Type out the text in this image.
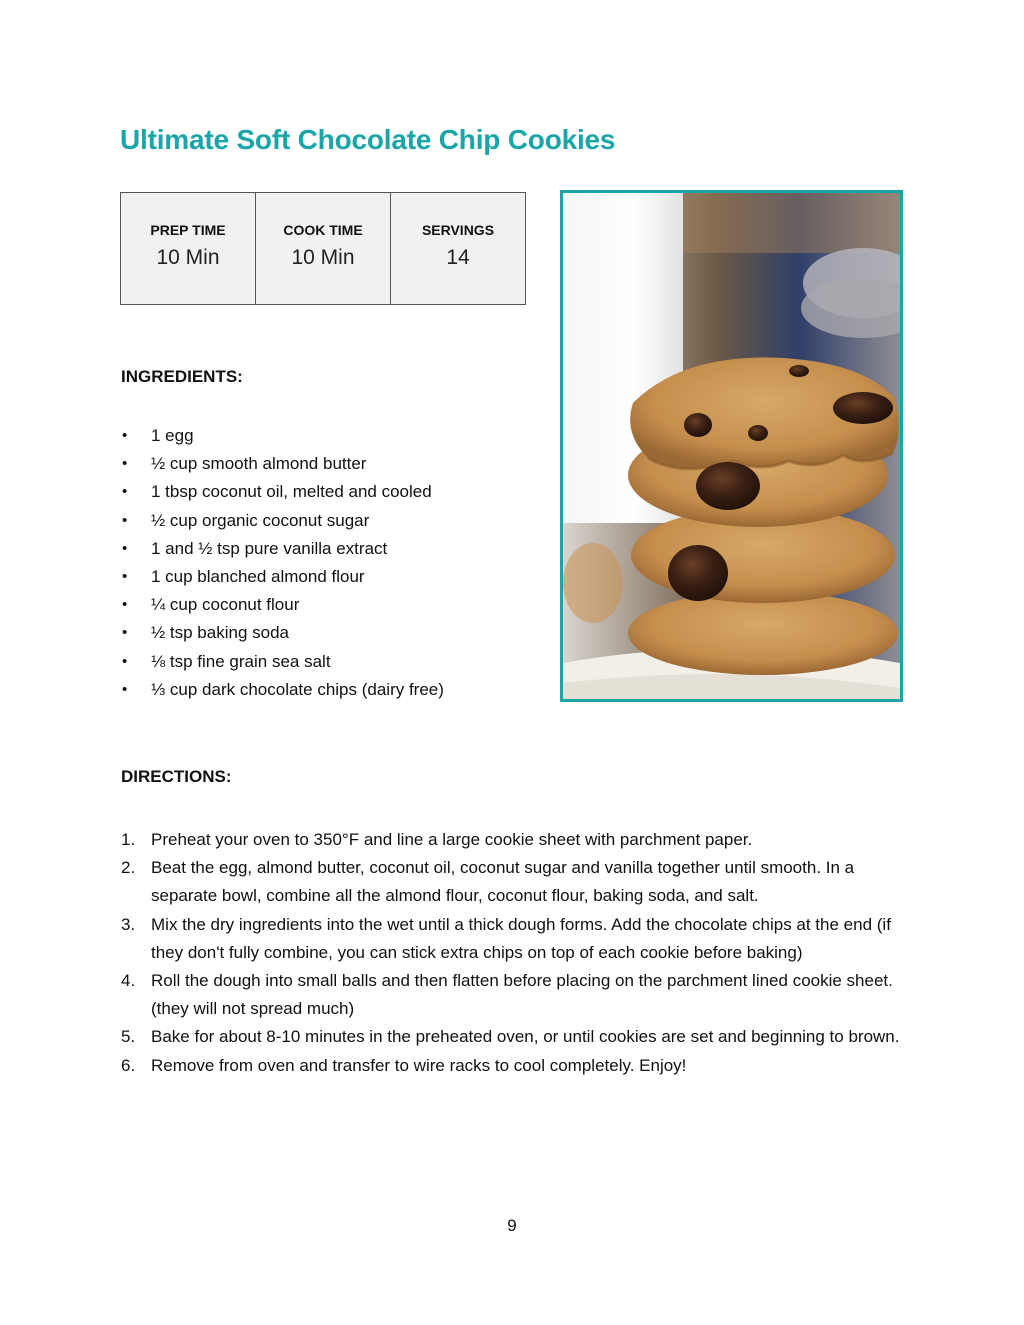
Ultimate Soft Chocolate Chip Cookies
PREP TIME
10 Min
COOK TIME
10 Min
SERVINGS
14
INGREDIENTS:
• 1 egg
• ½ cup smooth almond butter
• 1 tbsp coconut oil, melted and cooled
• ½ cup organic coconut sugar
• 1 and ½ tsp pure vanilla extract
• 1 cup blanched almond flour
• ¼ cup coconut flour
• ½ tsp baking soda
• ⅛ tsp fine grain sea salt
• ⅓ cup dark chocolate chips (dairy free)
DIRECTIONS:
1. Preheat your oven to 350°F and line a large cookie sheet with parchment paper.
2. Beat the egg, almond butter, coconut oil, coconut sugar and vanilla together until smooth. In a separate bowl, combine all the almond flour, coconut flour, baking soda, and salt.
3. Mix the dry ingredients into the wet until a thick dough forms. Add the chocolate chips at the end (if they don't fully combine, you can stick extra chips on top of each cookie before baking)
4. Roll the dough into small balls and then flatten before placing on the parchment lined cookie sheet. (they will not spread much)
5. Bake for about 8-10 minutes in the preheated oven, or until cookies are set and beginning to brown.
6. Remove from oven and transfer to wire racks to cool completely. Enjoy!
9
